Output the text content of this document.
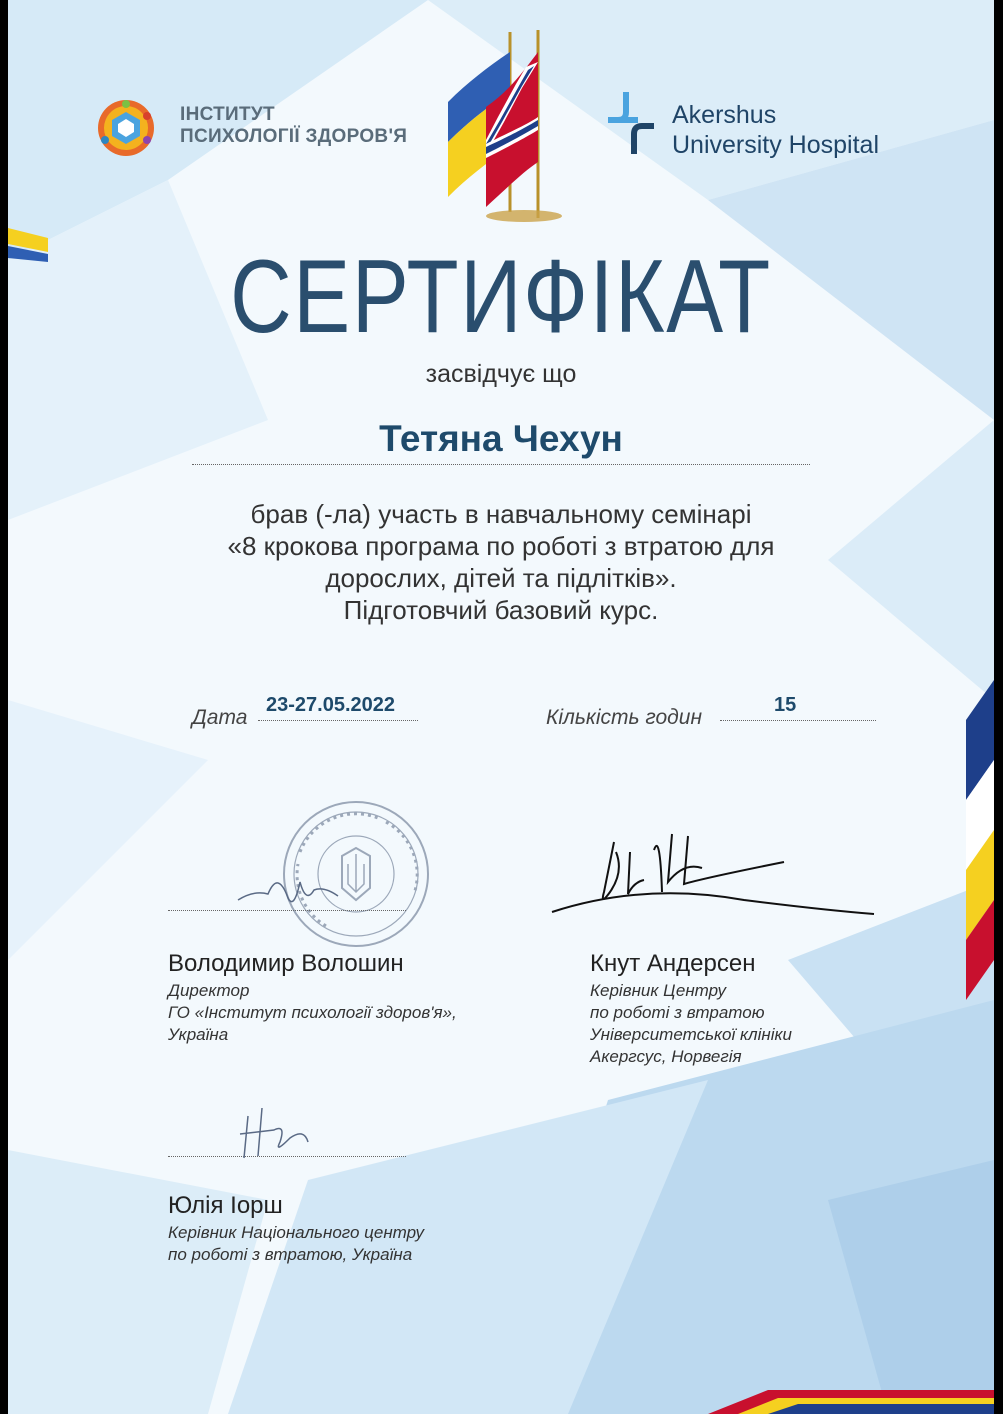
ІНСТИТУТ
ПСИХОЛОГІЇ ЗДОРОВ'Я
Akershus
University Hospital
СЕРТИФІКАТ
засвідчує що
Тетяна Чехун
брав (-ла) участь в навчальному семінарі
«8 крокова програма по роботі з втратою для
дорослих, дітей та підлітків».
Підготовчий базовий курс.
Дата
23-27.05.2022
Кількість годин
15
Володимир Волошин
Директор
ГО «Інститут психології здоров'я»,
Україна
Кнут Андерсен
Керівник Центру
по роботі з втратою
Університетської клініки
Акергсус, Норвегія
Юлія Іорш
Керівник Національного центру
по роботі з втратою, Україна
